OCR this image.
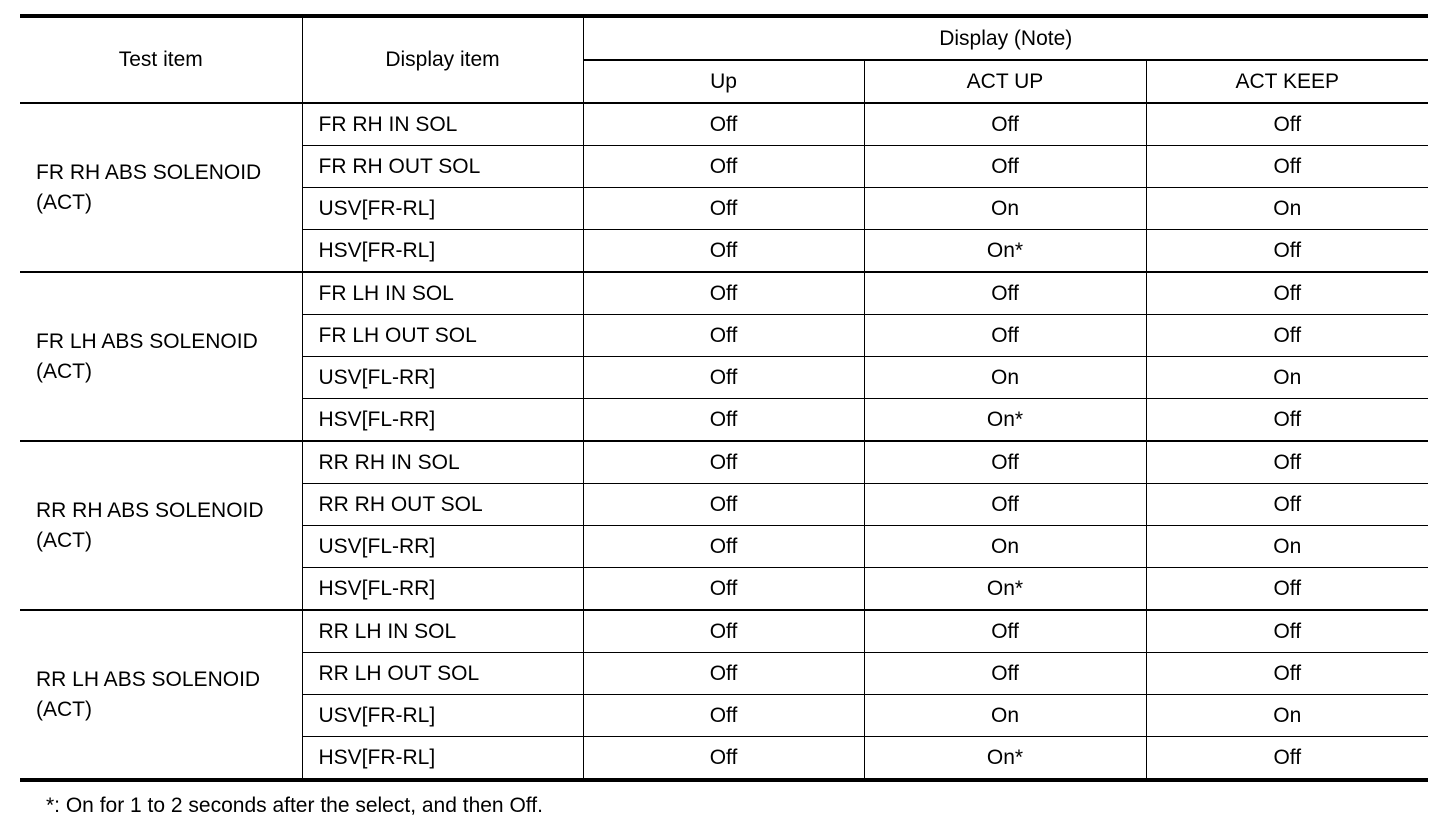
Test item	Display item	Display (Note)		
		Up	ACT UP	ACT KEEP

FR RH ABS SOLENOID
(ACT)	FR RH IN SOL	Off	Off	Off
	FR RH OUT SOL	Off	Off	Off
	USV[FR-RL]	Off	On	On
	HSV[FR-RL]	Off	On*	Off

FR LH ABS SOLENOID
(ACT)	FR LH IN SOL	Off	Off	Off
	FR LH OUT SOL	Off	Off	Off
	USV[FL-RR]	Off	On	On
	HSV[FL-RR]	Off	On*	Off

RR RH ABS SOLENOID
(ACT)	RR RH IN SOL	Off	Off	Off
	RR RH OUT SOL	Off	Off	Off
	USV[FL-RR]	Off	On	On
	HSV[FL-RR]	Off	On*	Off

RR LH ABS SOLENOID
(ACT)	RR LH IN SOL	Off	Off	Off
	RR LH OUT SOL	Off	Off	Off
	USV[FR-RL]	Off	On	On
	HSV[FR-RL]	Off	On*	Off
*: On for 1 to 2 seconds after the select, and then Off.
